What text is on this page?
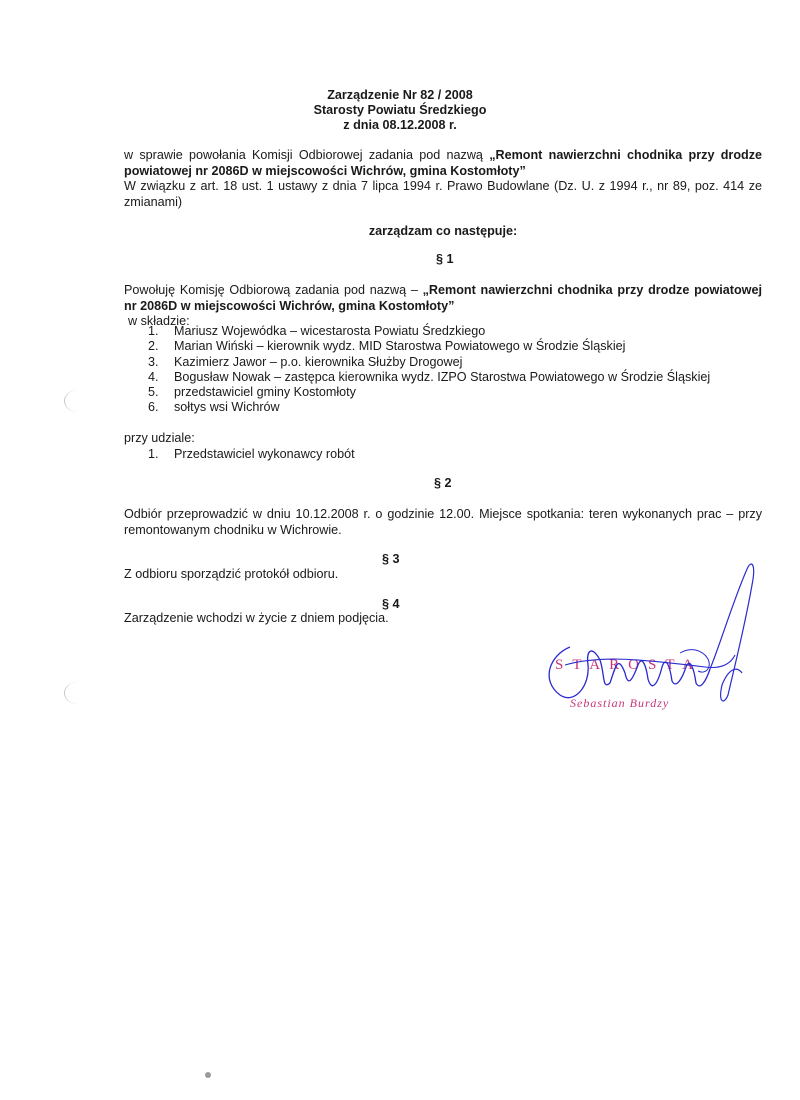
Zarządzenie Nr 82 / 2008
Starosty Powiatu Średzkiego
z dnia 08.12.2008 r.
w sprawie powołania Komisji Odbiorowej zadania pod nazwą „Remont nawierzchni chodnika przy drodze powiatowej nr 2086D w miejscowości Wichrów, gmina Kostomłoty”
W związku z art. 18 ust. 1 ustawy z dnia 7 lipca 1994 r. Prawo Budowlane (Dz. U. z 1994 r., nr 89, poz. 414 ze zmianami)
zarządzam co następuje:
§ 1
Powołuję Komisję Odbiorową zadania pod nazwą – „Remont nawierzchni chodnika przy drodze powiatowej nr 2086D w miejscowości Wichrów, gmina Kostomłoty”
w składzie:
1. Mariusz Wojewódka – wicestarosta Powiatu Średzkiego
2. Marian Wiński – kierownik wydz. MID Starostwa Powiatowego w Środzie Śląskiej
3. Kazimierz Jawor – p.o. kierownika Służby Drogowej
4. Bogusław Nowak – zastępca kierownika wydz. IZPO Starostwa Powiatowego w Środzie Śląskiej
5. przedstawiciel gminy Kostomłoty
6. sołtys wsi Wichrów
przy udziale:
1. Przedstawiciel wykonawcy robót
§ 2
Odbiór przeprowadzić w dniu 10.12.2008 r. o godzinie 12.00. Miejsce spotkania: teren wykonanych prac – przy remontowanym chodniku w Wichrowie.
§ 3
Z odbioru sporządzić protokół odbioru.
§ 4
Zarządzenie wchodzi w życie z dniem podjęcia.
STAROSTA
Sebastian Burdzy
